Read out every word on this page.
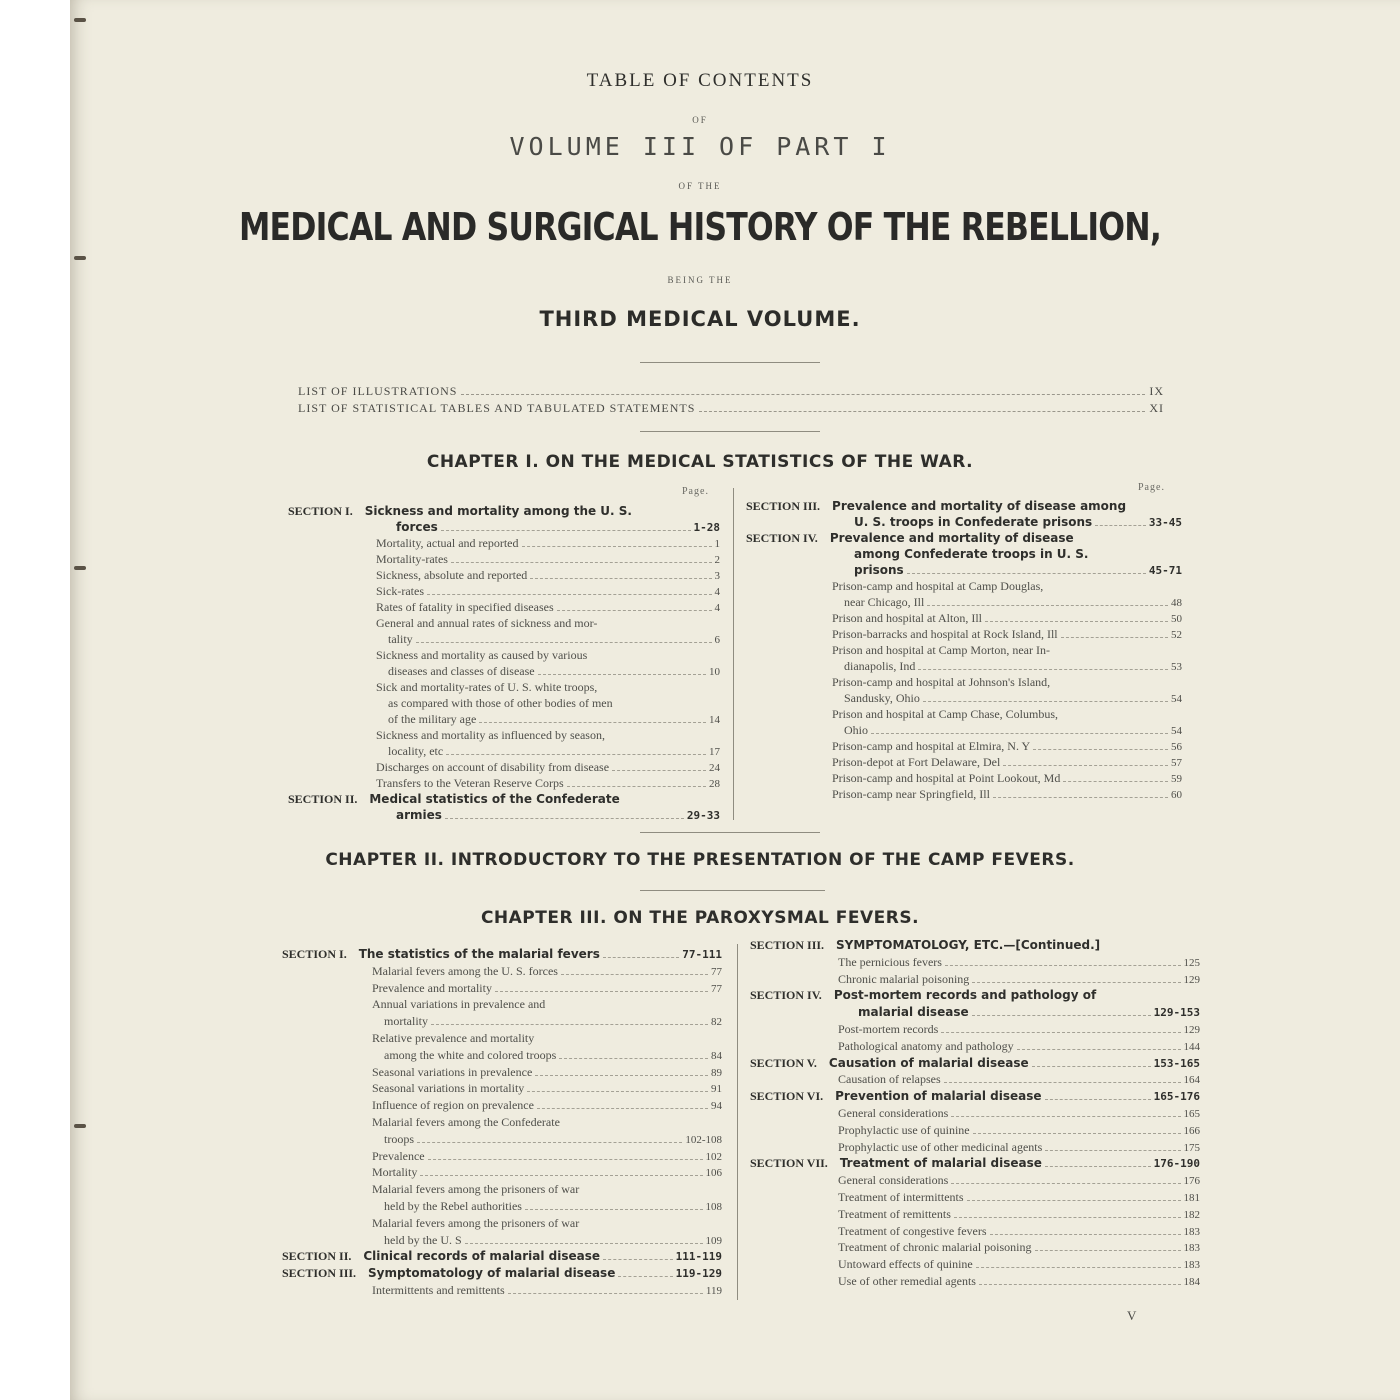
TABLE OF CONTENTS
OF
VOLUME III OF PART I
OF THE
MEDICAL AND SURGICAL HISTORY OF THE REBELLION,
BEING THE
THIRD MEDICAL VOLUME.
LIST OF ILLUSTRATIONS	IX
LIST OF STATISTICAL TABLES AND TABULATED STATEMENTS	XI
CHAPTER I. ON THE MEDICAL STATISTICS OF THE WAR.
Page.	Page.
SECTION I. Sickness and mortality among the U. S.
forces	1-28
Mortality, actual and reported	1
Mortality-rates	2
Sickness, absolute and reported	3
Sick-rates	4
Rates of fatality in specified diseases	4
General and annual rates of sickness and mor-
tality	6
Sickness and mortality as caused by various
diseases and classes of disease	10
Sick and mortality-rates of U. S. white troops,
as compared with those of other bodies of men
of the military age	14
Sickness and mortality as influenced by season,
locality, etc	17
Discharges on account of disability from disease	24
Transfers to the Veteran Reserve Corps	28
SECTION II. Medical statistics of the Confederate
armies	29-33
SECTION III. Prevalence and mortality of disease among
U. S. troops in Confederate prisons	33-45
SECTION IV. Prevalence and mortality of disease
among Confederate troops in U. S.
prisons	45-71
Prison-camp and hospital at Camp Douglas,
near Chicago, Ill	48
Prison and hospital at Alton, Ill	50
Prison-barracks and hospital at Rock Island, Ill	52
Prison and hospital at Camp Morton, near In-
dianapolis, Ind	53
Prison-camp and hospital at Johnson's Island,
Sandusky, Ohio	54
Prison and hospital at Camp Chase, Columbus,
Ohio	54
Prison-camp and hospital at Elmira, N. Y	56
Prison-depot at Fort Delaware, Del	57
Prison-camp and hospital at Point Lookout, Md	59
Prison-camp near Springfield, Ill	60
CHAPTER II. INTRODUCTORY TO THE PRESENTATION OF THE CAMP FEVERS.
CHAPTER III. ON THE PAROXYSMAL FEVERS.
SECTION I. The statistics of the malarial fevers	77-111
Malarial fevers among the U. S. forces	77
Prevalence and mortality	77
Annual variations in prevalence and
mortality	82
Relative prevalence and mortality
among the white and colored troops	84
Seasonal variations in prevalence	89
Seasonal variations in mortality	91
Influence of region on prevalence	94
Malarial fevers among the Confederate
troops	102-108
Prevalence	102
Mortality	106
Malarial fevers among the prisoners of war
held by the Rebel authorities	108
Malarial fevers among the prisoners of war
held by the U. S	109
SECTION II. Clinical records of malarial disease	111-119
SECTION III. Symptomatology of malarial disease	119-129
Intermittents and remittents	119
SECTION III. SYMPTOMATOLOGY, ETC.—[Continued.]
The pernicious fevers	125
Chronic malarial poisoning	129
SECTION IV. Post-mortem records and pathology of
malarial disease	129-153
Post-mortem records	129
Pathological anatomy and pathology	144
SECTION V. Causation of malarial disease	153-165
Causation of relapses	164
SECTION VI. Prevention of malarial disease	165-176
General considerations	165
Prophylactic use of quinine	166
Prophylactic use of other medicinal agents	175
SECTION VII. Treatment of malarial disease	176-190
General considerations	176
Treatment of intermittents	181
Treatment of remittents	182
Treatment of congestive fevers	183
Treatment of chronic malarial poisoning	183
Untoward effects of quinine	183
Use of other remedial agents	184
V
